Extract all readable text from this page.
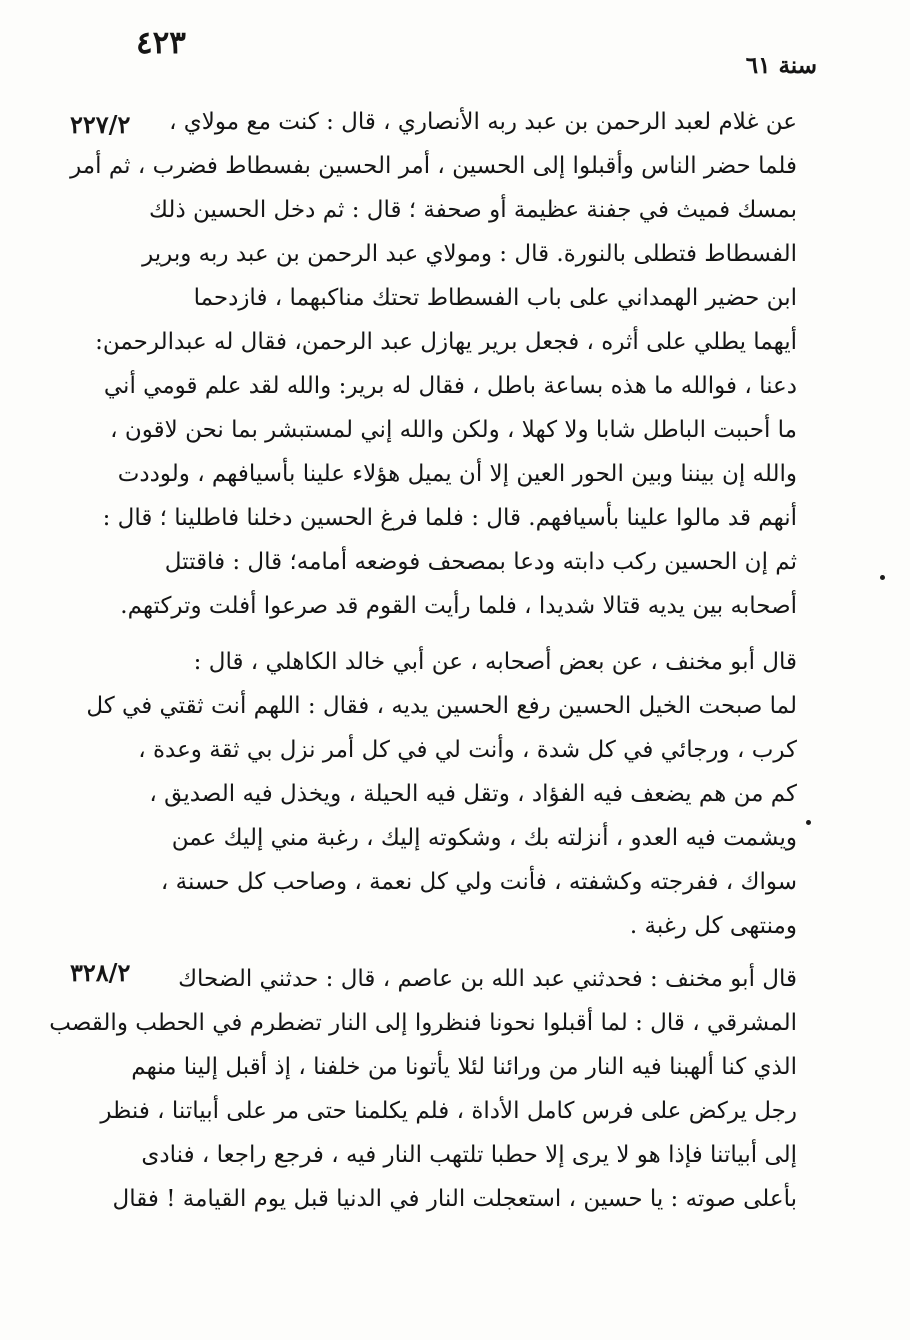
٤٢٣
سنة ٦١
٢٢٧/٢
٣٢٨/٢
عن غلام لعبد الرحمن بن عبد ربه الأنصاري ، قال : كنت مع مولاي ،
فلما حضر الناس وأقبلوا إلى الحسين ، أمر الحسين بفسطاط فضرب ، ثم أمر
بمسك فميث في جفنة عظيمة أو صحفة ؛ قال : ثم دخل الحسين ذلك
الفسطاط فتطلى بالنورة. قال : ومولاي عبد الرحمن بن عبد ربه وبرير
ابن حضير الهمداني على باب الفسطاط تحتك مناكبهما ، فازدحما
أيهما يطلي على أثره ، فجعل برير يهازل عبد الرحمن، فقال له عبدالرحمن:
دعنا ، فوالله ما هذه بساعة باطل ، فقال له برير: والله لقد علم قومي أني
ما أحببت الباطل شابا ولا كهلا ، ولكن والله إني لمستبشر بما نحن لاقون ،
والله إن بيننا وبين الحور العين إلا أن يميل هؤلاء علينا بأسيافهم ، ولوددت
أنهم قد مالوا علينا بأسيافهم. قال : فلما فرغ الحسين دخلنا فاطلينا ؛ قال :
ثم إن الحسين ركب دابته ودعا بمصحف فوضعه أمامه؛ قال : فاقتتل
أصحابه بين يديه قتالا شديدا ، فلما رأيت القوم قد صرعوا أفلت وتركتهم.
قال أبو مخنف ، عن بعض أصحابه ، عن أبي خالد الكاهلي ، قال :
لما صبحت الخيل الحسين رفع الحسين يديه ، فقال : اللهم أنت ثقتي في كل
كرب ، ورجائي في كل شدة ، وأنت لي في كل أمر نزل بي ثقة وعدة ،
كم من هم يضعف فيه الفؤاد ، وتقل فيه الحيلة ، ويخذل فيه الصديق ،
ويشمت فيه العدو ، أنزلته بك ، وشكوته إليك ، رغبة مني إليك عمن
سواك ، ففرجته وكشفته ، فأنت ولي كل نعمة ، وصاحب كل حسنة ،
ومنتهى كل رغبة .
قال أبو مخنف : فحدثني عبد الله بن عاصم ، قال : حدثني الضحاك
المشرقي ، قال : لما أقبلوا نحونا فنظروا إلى النار تضطرم في الحطب والقصب
الذي كنا ألهبنا فيه النار من ورائنا لئلا يأتونا من خلفنا ، إذ أقبل إلينا منهم
رجل يركض على فرس كامل الأداة ، فلم يكلمنا حتى مر على أبياتنا ، فنظر
إلى أبياتنا فإذا هو لا يرى إلا حطبا تلتهب النار فيه ، فرجع راجعا ، فنادى
بأعلى صوته : يا حسين ، استعجلت النار في الدنيا قبل يوم القيامة ! فقال
